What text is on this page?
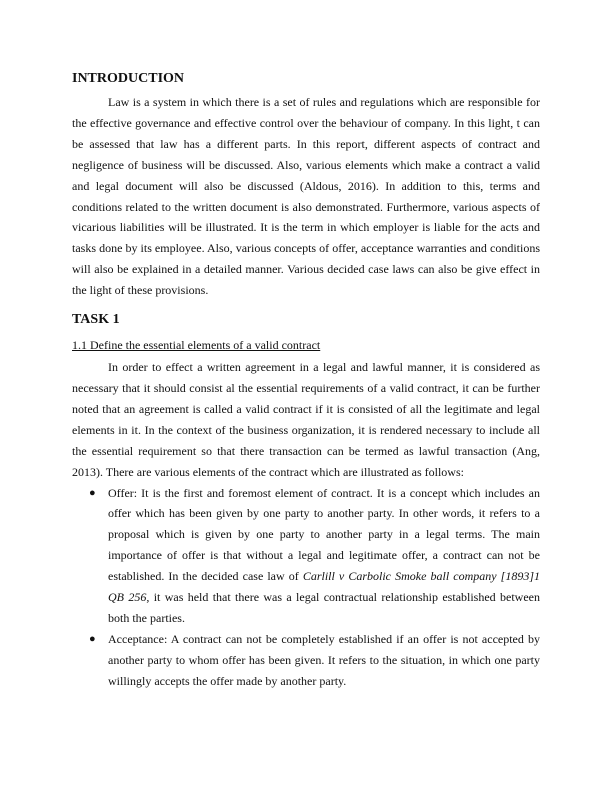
INTRODUCTION

Law is a system in which there is a set of rules and regulations which are responsible for the effective governance and effective control over the behaviour of company. In this light, t can be assessed that law has a different parts. In this report, different aspects of contract and negligence of business will be discussed. Also, various elements which make a contract a valid and legal document will also be discussed (Aldous, 2016). In addition to this, terms and conditions related to the written document is also demonstrated. Furthermore, various aspects of vicarious liabilities will be illustrated. It is the term in which employer is liable for the acts and tasks done by its employee. Also, various concepts of offer, acceptance warranties and conditions will also be explained in a detailed manner. Various decided case laws can also be give effect in the light of these provisions.

TASK 1

1.1 Define the essential elements of a valid contract

In order to effect a written agreement in a legal and lawful manner, it is considered as necessary that it should consist al the essential requirements of a valid contract, it can be further noted that an agreement is called a valid contract if it is consisted of all the legitimate and legal elements in it. In the context of the business organization, it is rendered necessary to include all the essential requirement so that there transaction can be termed as lawful transaction (Ang, 2013). There are various elements of the contract which are illustrated as follows:

● Offer: It is the first and foremost element of contract. It is a concept which includes an offer which has been given by one party to another party. In other words, it refers to a proposal which is given by one party to another party in a legal terms. The main importance of offer is that without a legal and legitimate offer, a contract can not be established. In the decided case law of Carlill v Carbolic Smoke ball company [1893]1 QB 256, it was held that there was a legal contractual relationship established between both the parties.

● Acceptance: A contract can not be completely established if an offer is not accepted by another party to whom offer has been given. It refers to the situation, in which one party willingly accepts the offer made by another party.
